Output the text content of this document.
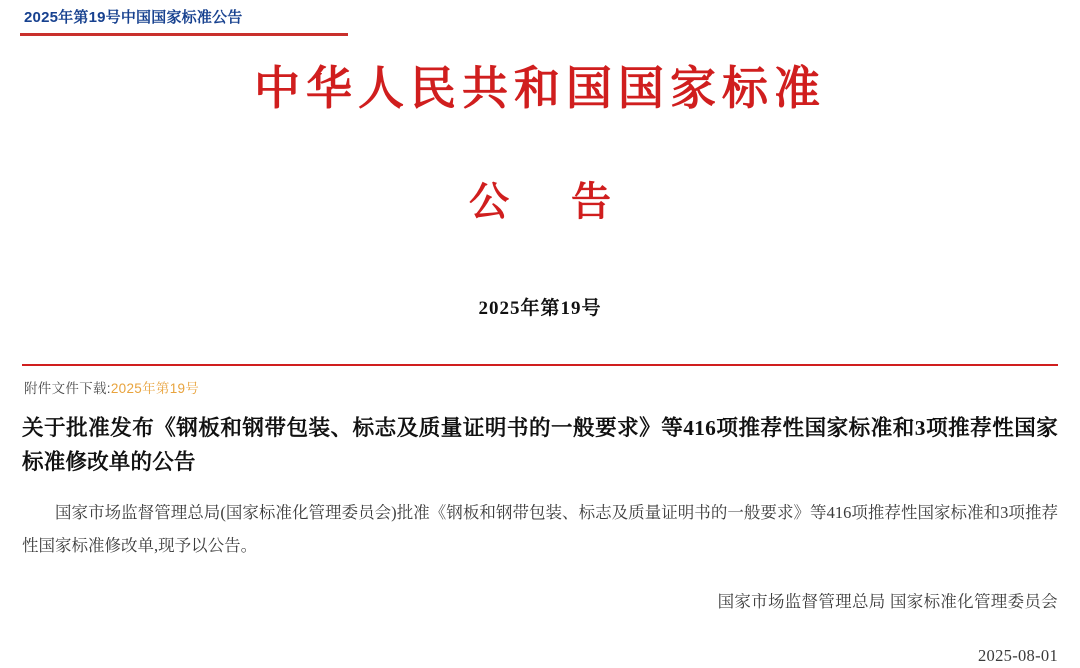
2025年第19号中国国家标准公告
中华人民共和国国家标准
公 告
2025年第19号
附件文件下载:2025年第19号
关于批准发布《钢板和钢带包装、标志及质量证明书的一般要求》等416项推荐性国家标准和3项推荐性国家标准修改单的公告
国家市场监督管理总局(国家标准化管理委员会)批准《钢板和钢带包装、标志及质量证明书的一般要求》等416项推荐性国家标准和3项推荐性国家标准修改单,现予以公告。
国家市场监督管理总局 国家标准化管理委员会
2025-08-01
